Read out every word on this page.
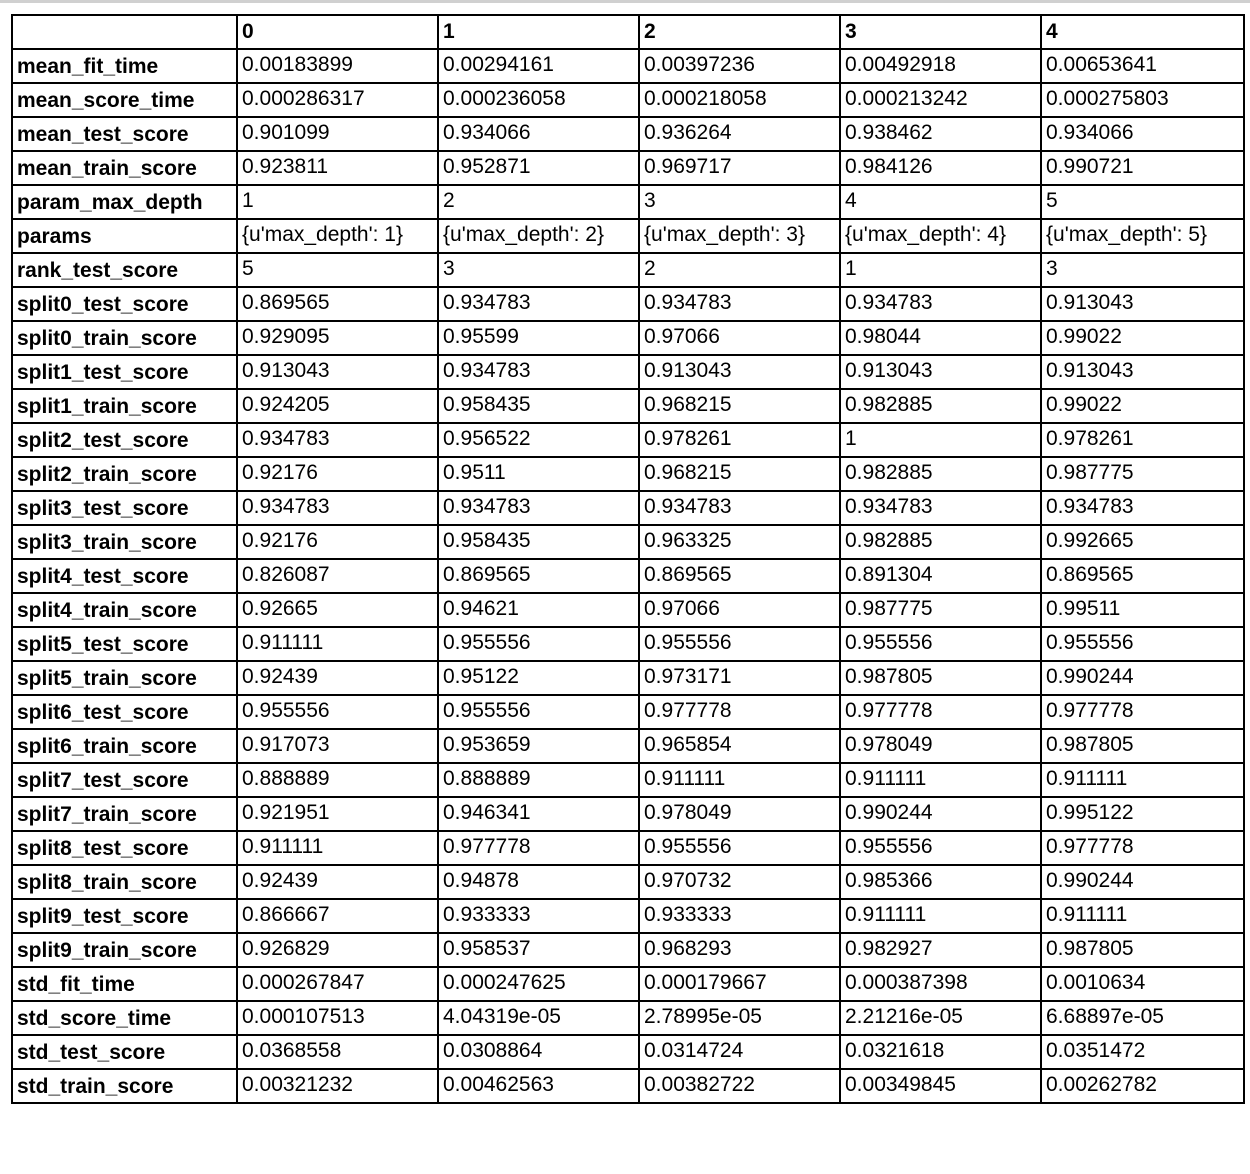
	0	1	2	3	4
mean_fit_time	0.00183899	0.00294161	0.00397236	0.00492918	0.00653641
mean_score_time	0.000286317	0.000236058	0.000218058	0.000213242	0.000275803
mean_test_score	0.901099	0.934066	0.936264	0.938462	0.934066
mean_train_score	0.923811	0.952871	0.969717	0.984126	0.990721
param_max_depth	1	2	3	4	5
params	{u'max_depth': 1}	{u'max_depth': 2}	{u'max_depth': 3}	{u'max_depth': 4}	{u'max_depth': 5}
rank_test_score	5	3	2	1	3
split0_test_score	0.869565	0.934783	0.934783	0.934783	0.913043
split0_train_score	0.929095	0.95599	0.97066	0.98044	0.99022
split1_test_score	0.913043	0.934783	0.913043	0.913043	0.913043
split1_train_score	0.924205	0.958435	0.968215	0.982885	0.99022
split2_test_score	0.934783	0.956522	0.978261	1	0.978261
split2_train_score	0.92176	0.9511	0.968215	0.982885	0.987775
split3_test_score	0.934783	0.934783	0.934783	0.934783	0.934783
split3_train_score	0.92176	0.958435	0.963325	0.982885	0.992665
split4_test_score	0.826087	0.869565	0.869565	0.891304	0.869565
split4_train_score	0.92665	0.94621	0.97066	0.987775	0.99511
split5_test_score	0.911111	0.955556	0.955556	0.955556	0.955556
split5_train_score	0.92439	0.95122	0.973171	0.987805	0.990244
split6_test_score	0.955556	0.955556	0.977778	0.977778	0.977778
split6_train_score	0.917073	0.953659	0.965854	0.978049	0.987805
split7_test_score	0.888889	0.888889	0.911111	0.911111	0.911111
split7_train_score	0.921951	0.946341	0.978049	0.990244	0.995122
split8_test_score	0.911111	0.977778	0.955556	0.955556	0.977778
split8_train_score	0.92439	0.94878	0.970732	0.985366	0.990244
split9_test_score	0.866667	0.933333	0.933333	0.911111	0.911111
split9_train_score	0.926829	0.958537	0.968293	0.982927	0.987805
std_fit_time	0.000267847	0.000247625	0.000179667	0.000387398	0.0010634
std_score_time	0.000107513	4.04319e-05	2.78995e-05	2.21216e-05	6.68897e-05
std_test_score	0.0368558	0.0308864	0.0314724	0.0321618	0.0351472
std_train_score	0.00321232	0.00462563	0.00382722	0.00349845	0.00262782
